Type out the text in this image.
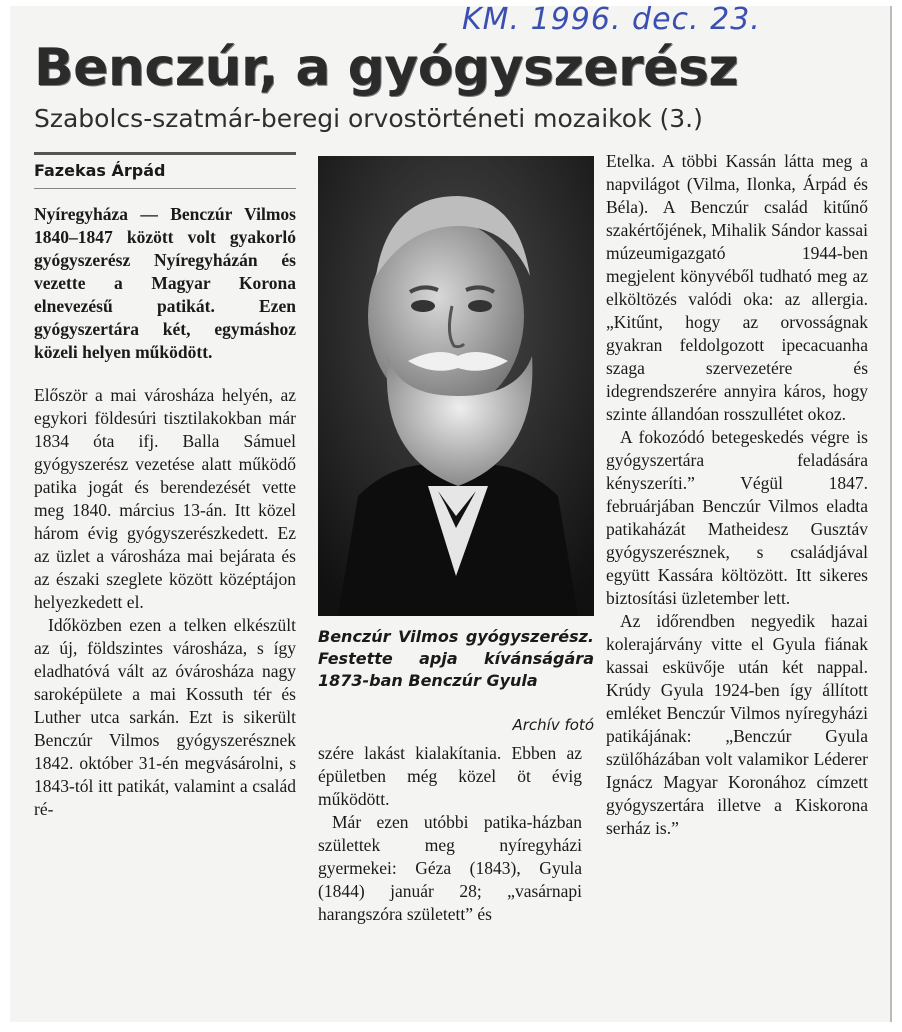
KM. 1996. dec. 23.
Benczúr, a gyógyszerész
Szabolcs-szatmár-beregi orvostörténeti mozaikok (3.)
Fazekas Árpád

Nyíregyháza — Benczúr Vilmos 1840–1847 között volt gyakorló gyógyszerész Nyíregyházán és vezette a Magyar Korona elnevezésű patikát. Ezen gyógyszertára két, egymáshoz közeli helyen működött.

Először a mai városháza helyén, az egykori földesúri tisztilakokban már 1834 óta ifj. Balla Sámuel gyógyszerész vezetése alatt működő patika jogát és berendezését vette meg 1840. március 13-án. Itt közel három évig gyógyszerészkedett. Ez az üzlet a városháza mai bejárata és az északi szeglete között középtájon helyezkedett el.

Időközben ezen a telken elkészült az új, földszintes városháza, s így eladhatóvá vált az óvárosháza nagy saroképülete a mai Kossuth tér és Luther utca sarkán. Ezt is sikerült Benczúr Vilmos gyógyszerésznek 1842. október 31-én megvásárolni, s 1843-tól itt patikát, valamint a család ré-

Benczúr Vilmos gyógyszerész. Festette apja kívánságára 1873-ban Benczúr Gyula
Archív fotó

szére lakást kialakítania. Ebben az épületben még közel öt évig működött.

Már ezen utóbbi patika-házban születtek meg nyíregyházi gyermekei: Géza (1843), Gyula (1844) január 28; „vasárnapi harangszóra született” és

Etelka. A többi Kassán látta meg a napvilágot (Vilma, Ilonka, Árpád és Béla). A Benczúr család kitűnő szakértőjének, Mihalik Sándor kassai múzeumigazgató 1944-ben megjelent könyvéből tudható meg az elköltözés valódi oka: az allergia. „Kitűnt, hogy az orvosságnak gyakran feldolgozott ipecacuanha szaga szervezetére és idegrendszerére annyira káros, hogy szinte állandóan rosszullétet okoz.

A fokozódó betegeskedés végre is gyógyszertára feladására kényszeríti.” Végül 1847. februárjában Benczúr Vilmos eladta patikaházát Matheidesz Gusztáv gyógyszerésznek, s családjával együtt Kassára költözött. Itt sikeres biztosítási üzletember lett.

Az időrendben negyedik hazai kolerajárvány vitte el Gyula fiának kassai esküvője után két nappal. Krúdy Gyula 1924-ben így állított emléket Benczúr Vilmos nyíregyházi patikájának: „Benczúr Gyula szülőházában volt valamikor Léderer Ignácz Magyar Koronához címzett gyógyszertára illetve a Kiskorona serház is.”
